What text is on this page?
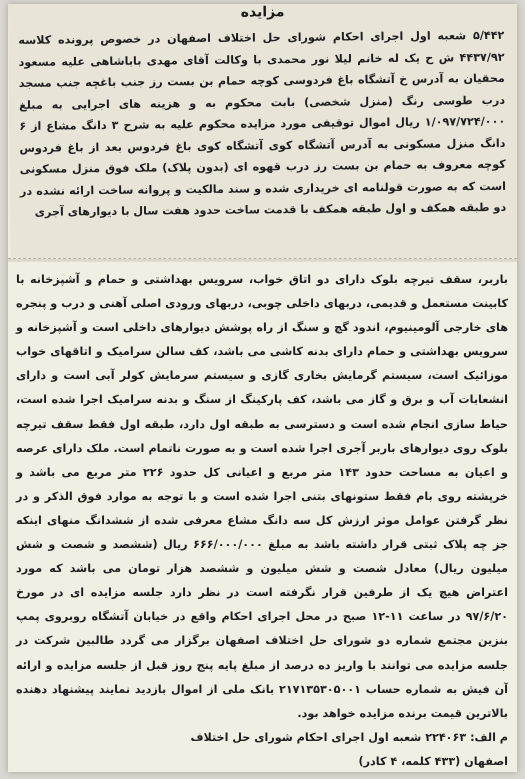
مزایده

۵/۴۴۲ شعبه اول اجرای احکام شورای حل اختلاف اصفهان در خصوص پرونده کلاسه ۴۴۳۷/۹۲ ش ح یک له خانم لیلا نور محمدی با وکالت آقای مهدی باباشاهی علیه مسعود محقیان به آدرس خ آتشگاه باغ فردوسی کوچه حمام بن بست رز جنب باغچه جنب مسجد درب طوسی رنگ (منزل شخصی) بابت محکوم به و هزینه های اجرایی به مبلغ ۱/۰۹۷/۷۲۴/۰۰۰ ریال اموال توقیفی مورد مزایده محکوم علیه به شرح ۳ دانگ مشاع از ۶ دانگ منزل مسکونی به آدرس آتشگاه کوی آتشگاه کوی باغ فردوس بعد از باغ فردوس کوچه معروف به حمام بن بست رز درب قهوه ای (بدون پلاک) ملک فوق منزل مسکونی است که به صورت قولنامه ای خریداری شده و سند مالکیت و پروانه ساخت ارائه نشده در دو طبقه همکف و اول طبقه همکف با قدمت ساخت حدود هفت سال با دیوارهای آجری

باربر، سقف تیرچه بلوک دارای دو اتاق خواب، سرویس بهداشتی و حمام و آشپزخانه با کابینت مستعمل و قدیمی، دربهای داخلی چوبی، دربهای ورودی اصلی آهنی و درب و پنجره های خارجی آلومینیوم، اندود گچ و سنگ از راه پوشش دیوارهای داخلی است و آشپزخانه و سرویس بهداشتی و حمام دارای بدنه کاشی می باشد، کف سالن سرامیک و اتاقهای خواب موزائیک است، سیستم گرمایش بخاری گازی و سیستم سرمایش کولر آبی است و دارای انشعابات آب و برق و گاز می باشد، کف پارکینگ از سنگ و بدنه سرامیک اجرا شده است، حیاط سازی انجام شده است و دسترسی به طبقه اول دارد، طبقه اول فقط سقف تیرچه بلوک روی دیوارهای باربر آجری اجرا شده است و به صورت ناتمام است. ملک دارای عرصه و اعیان به مساحت حدود ۱۴۳ متر مربع و اعیانی کل حدود ۲۲۶ متر مربع می باشد و خرپشته روی بام فقط ستونهای بتنی اجرا شده است و با توجه به موارد فوق الذکر و در نظر گرفتن عوامل موثر ارزش کل سه دانگ مشاع معرفی شده از ششدانگ منهای اینکه جز چه پلاک ثبتی قرار داشته باشد به مبلغ ۶۶۶/۰۰۰/۰۰۰ ریال (ششصد و شصت و شش میلیون ریال) معادل شصت و شش میلیون و ششصد هزار تومان می باشد که مورد اعتراض هیچ یک از طرفین قرار نگرفته است در نظر دارد جلسه مزایده ای در مورخ ۹۷/۶/۲۰ در ساعت ۱۱-۱۲ صبح در محل اجرای احکام واقع در خیابان آتشگاه روبروی پمپ بنزین مجتمع شماره دو شورای حل اختلاف اصفهان برگزار می گردد طالبین شرکت در جلسه مزایده می توانند با واریز ده درصد از مبلغ پایه پنج روز قبل از جلسه مزایده و ارائه آن فیش به شماره حساب ۲۱۷۱۳۵۳۰۵۰۰۱ بانک ملی از اموال بازدید نمایند پیشنهاد دهنده بالاترین قیمت برنده مزایده خواهد بود.
م الف: ۲۲۴۰۶۳ شعبه اول اجرای احکام شورای حل اختلاف
اصفهان (۴۳۳ کلمه، ۴ کادر)
